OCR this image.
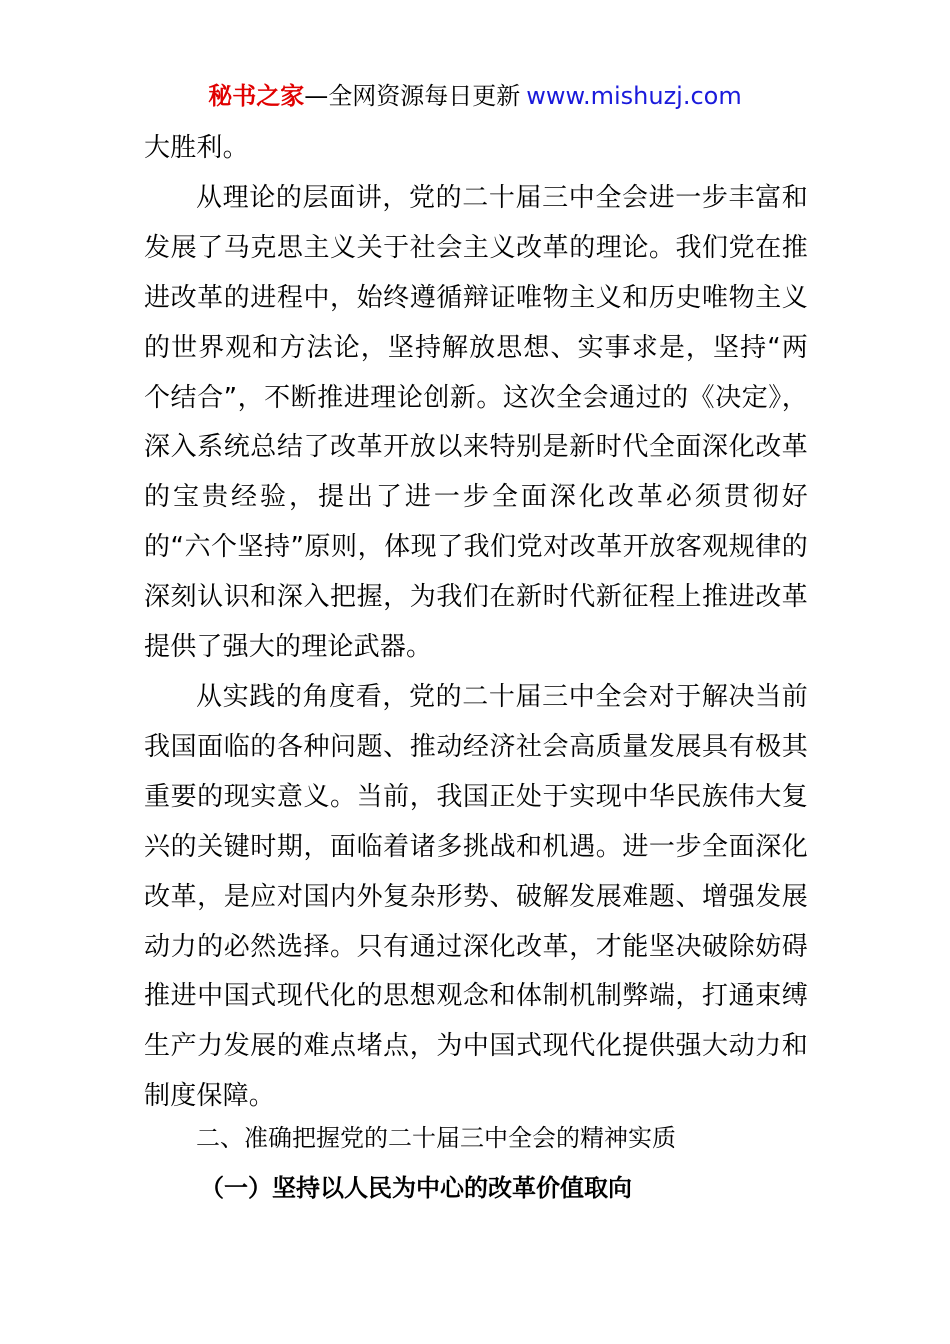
秘书之家—全网资源每日更新 www.mishuzj.com

大胜利。

从理论的层面讲，党的二十届三中全会进一步丰富和发展了马克思主义关于社会主义改革的理论。我们党在推进改革的进程中，始终遵循辩证唯物主义和历史唯物主义的世界观和方法论，坚持解放思想、实事求是，坚持“两个结合”，不断推进理论创新。这次全会通过的《决定》，深入系统总结了改革开放以来特别是新时代全面深化改革的宝贵经验，提出了进一步全面深化改革必须贯彻好的“六个坚持”原则，体现了我们党对改革开放客观规律的深刻认识和深入把握，为我们在新时代新征程上推进改革提供了强大的理论武器。

从实践的角度看，党的二十届三中全会对于解决当前我国面临的各种问题、推动经济社会高质量发展具有极其重要的现实意义。当前，我国正处于实现中华民族伟大复兴的关键时期，面临着诸多挑战和机遇。进一步全面深化改革，是应对国内外复杂形势、破解发展难题、增强发展动力的必然选择。只有通过深化改革，才能坚决破除妨碍推进中国式现代化的思想观念和体制机制弊端，打通束缚生产力发展的难点堵点，为中国式现代化提供强大动力和制度保障。

二、准确把握党的二十届三中全会的精神实质
（一）坚持以人民为中心的改革价值取向
